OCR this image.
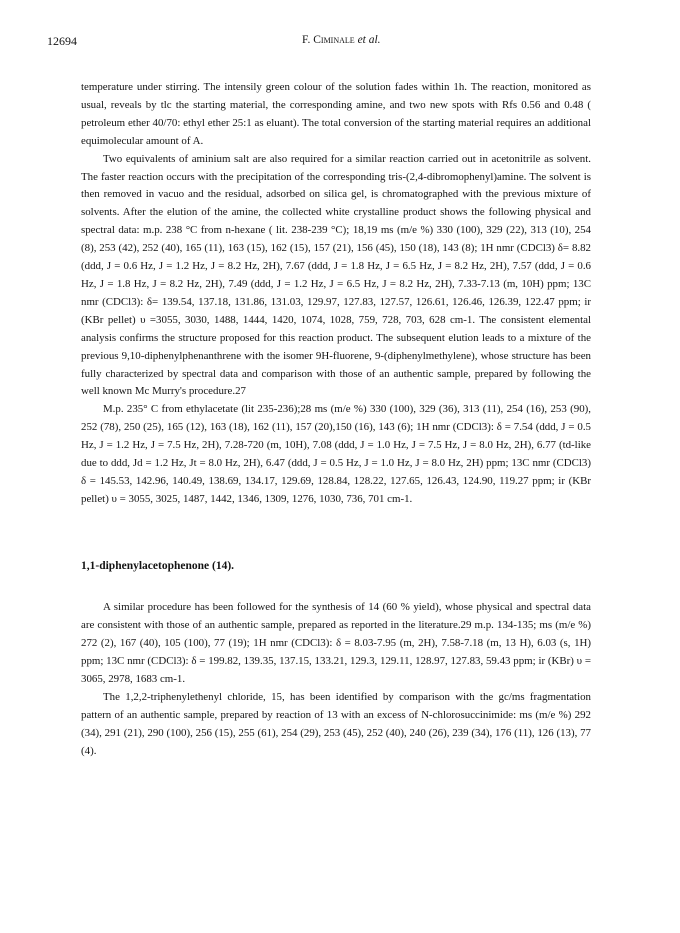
12694	F. Ciminale et al.

temperature under stirring. The intensily green colour of the solution fades within 1h. The reaction, monitored as usual, reveals by tlc the starting material, the corresponding amine, and two new spots with Rfs 0.56 and 0.48 ( petroleum ether 40/70: ethyl ether 25:1 as eluant). The total conversion of the starting material requires an additional equimolecular amount of A.

Two equivalents of aminium salt are also required for a similar reaction carried out in acetonitrile as solvent. The faster reaction occurs with the precipitation of the corresponding tris-(2,4-dibromophenyl)amine. The solvent is then removed in vacuo and the residual, adsorbed on silica gel, is chromatographed with the previous mixture of solvents. After the elution of the amine, the collected white crystalline product shows the following physical and spectral data: m.p. 238 °C from n-hexane ( lit. 238-239 °C); 18,19 ms (m/e %) 330 (100), 329 (22), 313 (10), 254 (8), 253 (42), 252 (40), 165 (11), 163 (15), 162 (15), 157 (21), 156 (45), 150 (18), 143 (8); 1H nmr (CDCl3) δ= 8.82 (ddd, J = 0.6 Hz, J = 1.2 Hz, J = 8.2 Hz, 2H), 7.67 (ddd, J = 1.8 Hz, J = 6.5 Hz, J = 8.2 Hz, 2H), 7.57 (ddd, J = 0.6 Hz, J = 1.8 Hz, J = 8.2 Hz, 2H), 7.49 (ddd, J = 1.2 Hz, J = 6.5 Hz, J = 8.2 Hz, 2H), 7.33-7.13 (m, 10H) ppm; 13C nmr (CDCl3): δ= 139.54, 137.18, 131.86, 131.03, 129.97, 127.83, 127.57, 126.61, 126.46, 126.39, 122.47 ppm; ir (KBr pellet) υ =3055, 3030, 1488, 1444, 1420, 1074, 1028, 759, 728, 703, 628 cm-1. The consistent elemental analysis confirms the structure proposed for this reaction product. The subsequent elution leads to a mixture of the previous 9,10-diphenylphenanthrene with the isomer 9H-fluorene, 9-(diphenylmethylene), whose structure has been fully characterized by spectral data and comparison with those of an authentic sample, prepared by following the well known Mc Murry's procedure.27

M.p. 235° C from ethylacetate (lit 235-236);28 ms (m/e %) 330 (100), 329 (36), 313 (11), 254 (16), 253 (90), 252 (78), 250 (25), 165 (12), 163 (18), 162 (11), 157 (20),150 (16), 143 (6); 1H nmr (CDCl3): δ = 7.54 (ddd, J = 0.5 Hz, J = 1.2 Hz, J = 7.5 Hz, 2H), 7.28-720 (m, 10H), 7.08 (ddd, J = 1.0 Hz, J = 7.5 Hz, J = 8.0 Hz, 2H), 6.77 (td-like due to ddd, Jd = 1.2 Hz, Jt = 8.0 Hz, 2H), 6.47 (ddd, J = 0.5 Hz, J = 1.0 Hz, J = 8.0 Hz, 2H) ppm; 13C nmr (CDCl3) δ = 145.53, 142.96, 140.49, 138.69, 134.17, 129.69, 128.84, 128.22, 127.65, 126.43, 124.90, 119.27 ppm; ir (KBr pellet) υ = 3055, 3025, 1487, 1442, 1346, 1309, 1276, 1030, 736, 701 cm-1.

1,1-diphenylacetophenone (14).

A similar procedure has been followed for the synthesis of 14 (60 % yield), whose physical and spectral data are consistent with those of an authentic sample, prepared as reported in the literature.29 m.p. 134-135; ms (m/e %) 272 (2), 167 (40), 105 (100), 77 (19); 1H nmr (CDCl3): δ = 8.03-7.95 (m, 2H), 7.58-7.18 (m, 13 H), 6.03 (s, 1H) ppm; 13C nmr (CDCl3): δ = 199.82, 139.35, 137.15, 133.21, 129.3, 129.11, 128.97, 127.83, 59.43 ppm; ir (KBr) υ = 3065, 2978, 1683 cm-1.

The 1,2,2-triphenylethenyl chloride, 15, has been identified by comparison with the gc/ms fragmentation pattern of an authentic sample, prepared by reaction of 13 with an excess of N-chlorosuccinimide: ms (m/e %) 292 (34), 291 (21), 290 (100), 256 (15), 255 (61), 254 (29), 253 (45), 252 (40), 240 (26), 239 (34), 176 (11), 126 (13), 77 (4).
